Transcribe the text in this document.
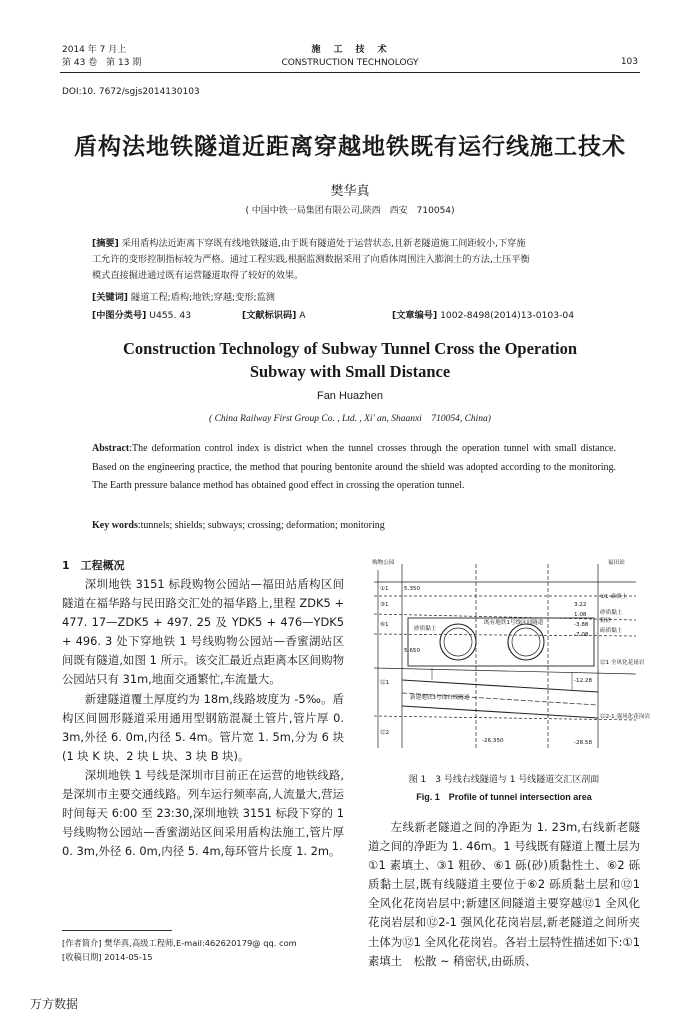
2014 年 7 月上
第 43 卷　第 13 期
施　工　技　术
CONSTRUCTION TECHNOLOGY	103
DOI:10. 7672/sgjs2014130103
盾构法地铁隧道近距离穿越地铁既有运行线施工技术
樊华真
( 中国中铁一局集团有限公司,陕西　西安　710054)
[摘要] 采用盾构法近距离下穿既有线地铁隧道,由于既有隧道处于运营状态,且新老隧道施工间距较小,下穿施
工允许的变形控制指标较为严格。通过工程实践,根据监测数据采用了向盾体周围注入膨润土的方法,土压平衡
模式直接掘进通过既有运营隧道取得了较好的效果。
[关键词] 隧道工程;盾构;地铁;穿越;变形;监测
[中图分类号] U455. 43	[文献标识码] A	[文章编号] 1002-8498(2014)13-0103-04
Construction Technology of Subway Tunnel Cross the Operation
Subway with Small Distance
Fan Huazhen
( China Railway First Group Co. , Ltd. , Xi' an, Shaanxi　710054, China)
Abstract:The deformation control index is district when the tunnel crosses through the operation tunnel with small distance. Based on the engineering practice, the method that pouring bentonite around the shield was adopted according to the monitoring. The Earth pressure balance method has obtained good effect in crossing the operation tunnel.
Key words:tunnels; shields; subways; crossing; deformation; monitoring
1　工程概况

深圳地铁 3151 标段购物公园站—福田站盾构区间隧道在福华路与民田路交汇处的福华路上,里程 ZDK5 + 477. 17—ZDK5 + 497. 25 及 YDK5 + 476—YDK5 + 496. 3 处下穿地铁 1 号线购物公园站—香蜜湖站区间既有隧道,如图 1 所示。该交汇最近点距离本区间购物公园站只有 31m,地面交通繁忙,车流量大。

新建隧道覆土厚度约为 18m,线路坡度为 -5‰。盾构区间圆形隧道采用通用型钢筋混凝土管片,管片厚 0. 3m,外径 6. 0m,内径 5. 4m。管片宽 1. 5m,分为 6 块(1 块 K 块、2 块 L 块、3 块 B 块)。

深圳地铁 1 号线是深圳市目前正在运营的地铁线路,是深圳市主要交通线路。列车运行频率高,人流量大,营运时间每天 6:00 至 23:30,深圳地铁 3151 标段下穿的 1 号线购物公园站—香蜜湖站区间采用盾构法施工,管片厚 0. 3m,外径 6. 0m,内径 5. 4m,每环管片长度 1. 2m。

购物公园	福田站
①1
③1
⑥1
⑫1
⑫2
5.350
5.650
-26.350
砂质黏土
既有地铁1号线区间隧道
新建地铁3号线右线隧道
①1 素填土
砂质黏土
粗砂
砾质黏土
⑫1 全风化花岗岩
⑫2-1 强风化花岗岩
3.22
1.08
-3.88
-7.08
-12.28
-28.58
图 1　3 号线右线隧道与 1 号线隧道交汇区剖面
Fig. 1　Profile of tunnel intersection area

左线新老隧道之间的净距为 1. 23m,右线新老隧道之间的净距为 1. 46m。1 号线既有隧道上覆土层为①1 素填土、③1 粗砂、⑥1 砾(砂)质黏性土、⑥2 砾质黏土层,既有线隧道主要位于⑥2 砾质黏土层和⑫1 全风化花岗岩层中;新建区间隧道主要穿越⑫1 全风化花岗岩层和⑫2-1 强风化花岗岩层,新老隧道之间所夹土体为⑫1 全风化花岗岩。各岩土层特性描述如下:①1 素填土　松散 ~ 稍密状,由砾质、

[作者简介] 樊华真,高级工程师,E-mail:462620179@ qq. com
[收稿日期] 2014-05-15
万方数据
